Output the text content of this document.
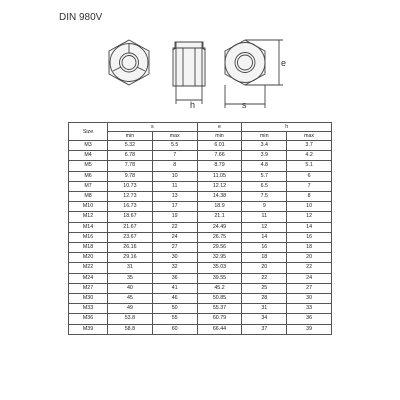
DIN 980V
h	s
e
Size	s		e	h	
	min	max	min	min	max
M3	5.32	5.5	6.01	3.4	3.7
M4	6.78	7	7.66	3.9	4.2
M5	7.78	8	8.79	4.8	5.1
M6	9.78	10	11.05	5.7	6
M7	10.73	11	12.12	6.5	7
M8	12.73	13	14.38	7.5	8
M10	16.73	17	18.9	9	10
M12	18.67	19	21.1	11	12
M14	21.67	22	24.49	12	14
M16	23.67	24	26.75	14	16
M18	26.16	27	29.56	16	18
M20	29.16	30	32.95	18	20
M22	31	32	35.03	20	22
M24	35	36	39.55	22	24
M27	40	41	45.2	25	27
M30	45	46	50.85	28	30
M33	49	50	55.37	31	33
M36	53.8	55	60.79	34	36
M39	58.8	60	66.44	37	39
